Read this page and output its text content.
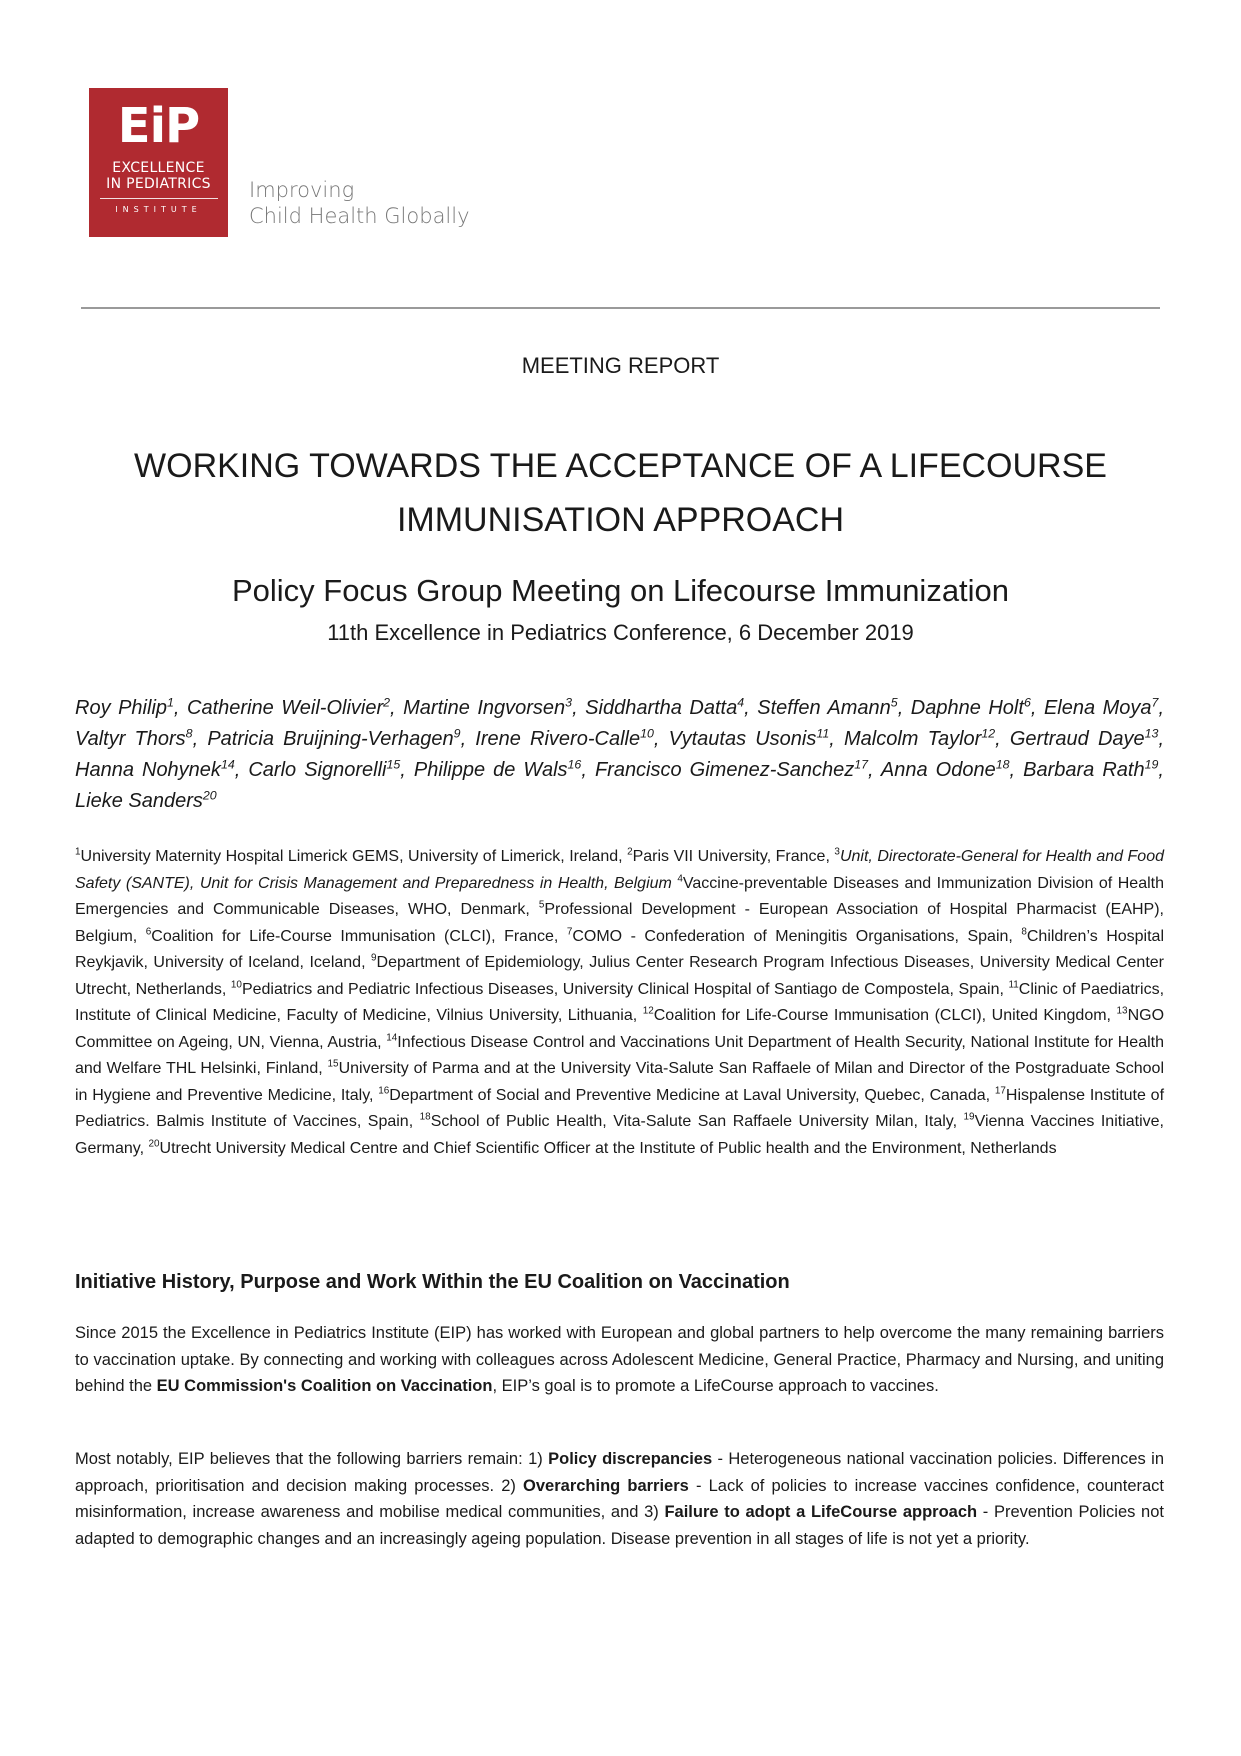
EiP
EXCELLENCE
IN PEDIATRICS
INSTITUTE
Improving
Child Health Globally
MEETING REPORT
WORKING TOWARDS THE ACCEPTANCE OF A LIFECOURSE
IMMUNISATION APPROACH
Policy Focus Group Meeting on Lifecourse Immunization
11th Excellence in Pediatrics Conference, 6 December 2019
Roy Philip$^1$, Catherine Weil-Olivier$^2$, Martine Ingvorsen$^3$, Siddhartha Datta$^4$, Steffen Amann$^5$, Daphne Holt$^6$, Elena Moya$^7$, Valtyr Thors$^8$, Patricia Bruijning-Verhagen$^9$, Irene Rivero-Calle$^{10}$, Vytautas Usonis$^{11}$, Malcolm Taylor$^{12}$, Gertraud Daye$^{13}$, Hanna Nohynek$^{14}$, Carlo Signorelli$^{15}$, Philippe de Wals$^{16}$, Francisco Gimenez-Sanchez$^{17}$, Anna Odone$^{18}$, Barbara Rath$^{19}$, Lieke Sanders$^{20}$
$^1$University Maternity Hospital Limerick GEMS, University of Limerick, Ireland, $^2$Paris VII University, France, $^3$Unit, Directorate-General for Health and Food Safety (SANTE), Unit for Crisis Management and Preparedness in Health, Belgium $^4$Vaccine-preventable Diseases and Immunization Division of Health Emergencies and Communicable Diseases, WHO, Denmark, $^5$Professional Development - European Association of Hospital Pharmacist (EAHP), Belgium, $^6$Coalition for Life-Course Immunisation (CLCI), France, $^7$COMO - Confederation of Meningitis Organisations, Spain, $^8$Children’s Hospital Reykjavik, University of Iceland, Iceland, $^9$Department of Epidemiology, Julius Center Research Program Infectious Diseases, University Medical Center Utrecht, Netherlands, $^{10}$Pediatrics and Pediatric Infectious Diseases, University Clinical Hospital of Santiago de Compostela, Spain, $^{11}$Clinic of Paediatrics, Institute of Clinical Medicine, Faculty of Medicine, Vilnius University, Lithuania, $^{12}$Coalition for Life-Course Immunisation (CLCI), United Kingdom, $^{13}$NGO Committee on Ageing, UN, Vienna, Austria, $^{14}$Infectious Disease Control and Vaccinations Unit Department of Health Security, National Institute for Health and Welfare THL Helsinki, Finland, $^{15}$University of Parma and at the University Vita-Salute San Raffaele of Milan and Director of the Postgraduate School in Hygiene and Preventive Medicine, Italy, $^{16}$Department of Social and Preventive Medicine at Laval University, Quebec, Canada, $^{17}$Hispalense Institute of Pediatrics. Balmis Institute of Vaccines, Spain, $^{18}$School of Public Health, Vita-Salute San Raffaele University Milan, Italy, $^{19}$Vienna Vaccines Initiative, Germany, $^{20}$Utrecht University Medical Centre and Chief Scientific Officer at the Institute of Public health and the Environment, Netherlands
Initiative History, Purpose and Work Within the EU Coalition on Vaccination
Since 2015 the Excellence in Pediatrics Institute (EIP) has worked with European and global partners to help overcome the many remaining barriers to vaccination uptake. By connecting and working with colleagues across Adolescent Medicine, General Practice, Pharmacy and Nursing, and uniting behind the EU Commission's Coalition on Vaccination, EIP’s goal is to promote a LifeCourse approach to vaccines.
Most notably, EIP believes that the following barriers remain: 1) Policy discrepancies - Heterogeneous national vaccination policies. Differences in approach, prioritisation and decision making processes. 2) Overarching barriers - Lack of policies to increase vaccines confidence, counteract misinformation, increase awareness and mobilise medical communities, and 3) Failure to adopt a LifeCourse approach - Prevention Policies not adapted to demographic changes and an increasingly ageing population. Disease prevention in all stages of life is not yet a priority.
